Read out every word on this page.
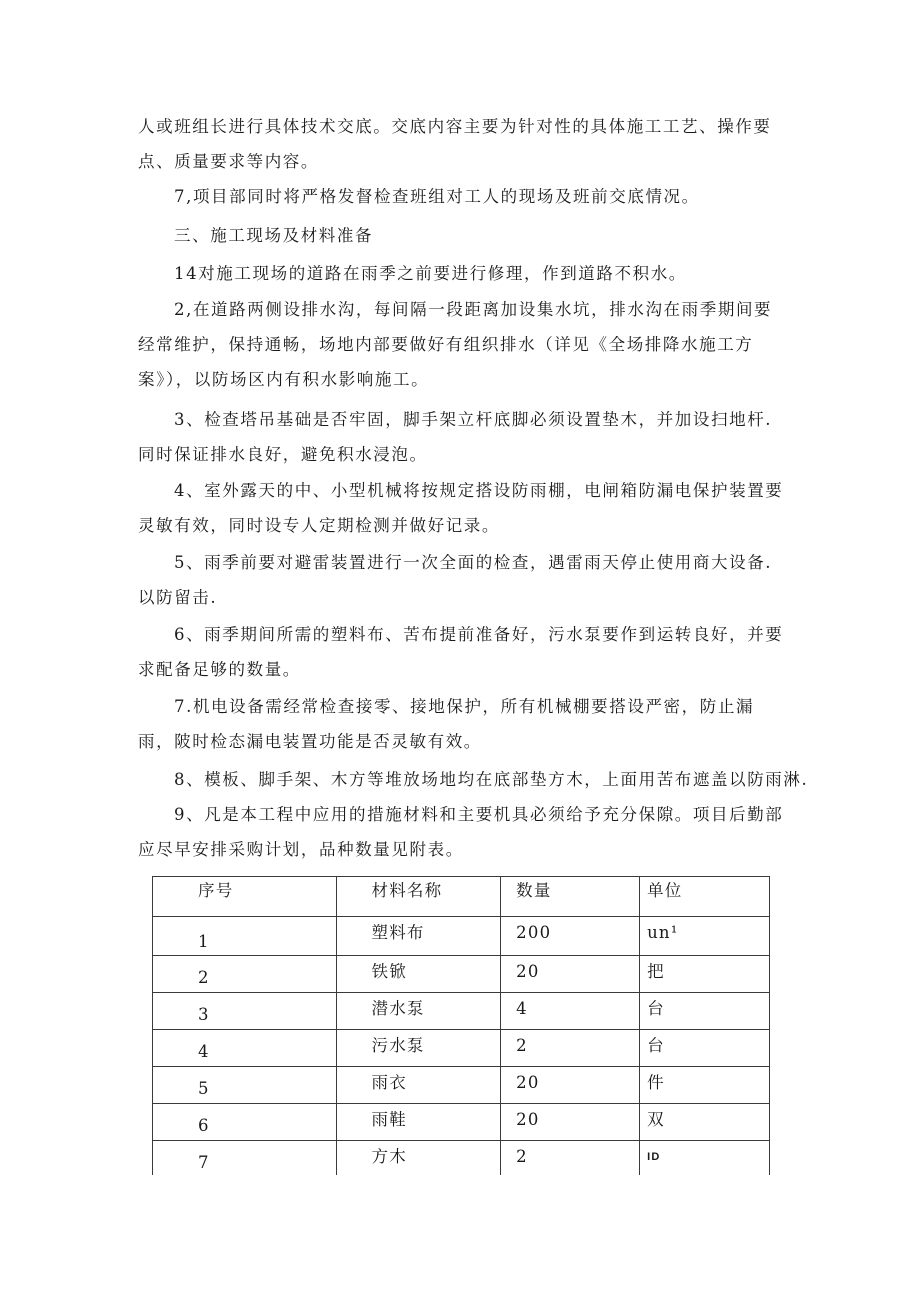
人或班组长进行具体技术交底。交底内容主要为针对性的具体施工工艺、操作要点、质量要求等内容。

7,项目部同时将严格发督检查班组对工人的现场及班前交底情况。
三、施工现场及材料准备
14对施工现场的道路在雨季之前要进行修理，作到道路不积水。

2,在道路两侧设排水沟，每间隔一段距离加设集水坑，排水沟在雨季期间要经常维护，保持通畅，场地内部要做好有组织排水（详见《全场排降水施工方案》），以防场区内有积水影响施工。

3、检查塔吊基础是否牢固，脚手架立杆底脚必须设置垫木，并加设扫地杆.同时保证排水良好，避免积水浸泡。

4、室外露天的中、小型机械将按规定搭设防雨棚，电闸箱防漏电保护装置要灵敏有效，同时设专人定期检测并做好记录。

5、雨季前要对避雷装置进行一次全面的检查，遇雷雨天停止使用商大设备.以防留击.

6、雨季期间所需的塑料布、苦布提前准备好，污水泵要作到运转良好，并要求配备足够的数量。

7.机电设备需经常检查接零、接地保护，所有机械棚要搭设严密，防止漏雨，陂时检态漏电装置功能是否灵敏有效。

8、模板、脚手架、木方等堆放场地均在底部垫方木，上面用苦布遮盖以防雨淋.

9、凡是本工程中应用的措施材料和主要机具必须给予充分保隙。项目后勤部应尽早安排采购计划，品种数量见附表。

序号	材料名称	数量	单位
1	塑料布	200	un¹
2	铁锨	20	把
3	潜水泵	4	台
4	污水泵	2	台
5	雨衣	20	件
6	雨鞋	20	双
7	方木	2	ID
